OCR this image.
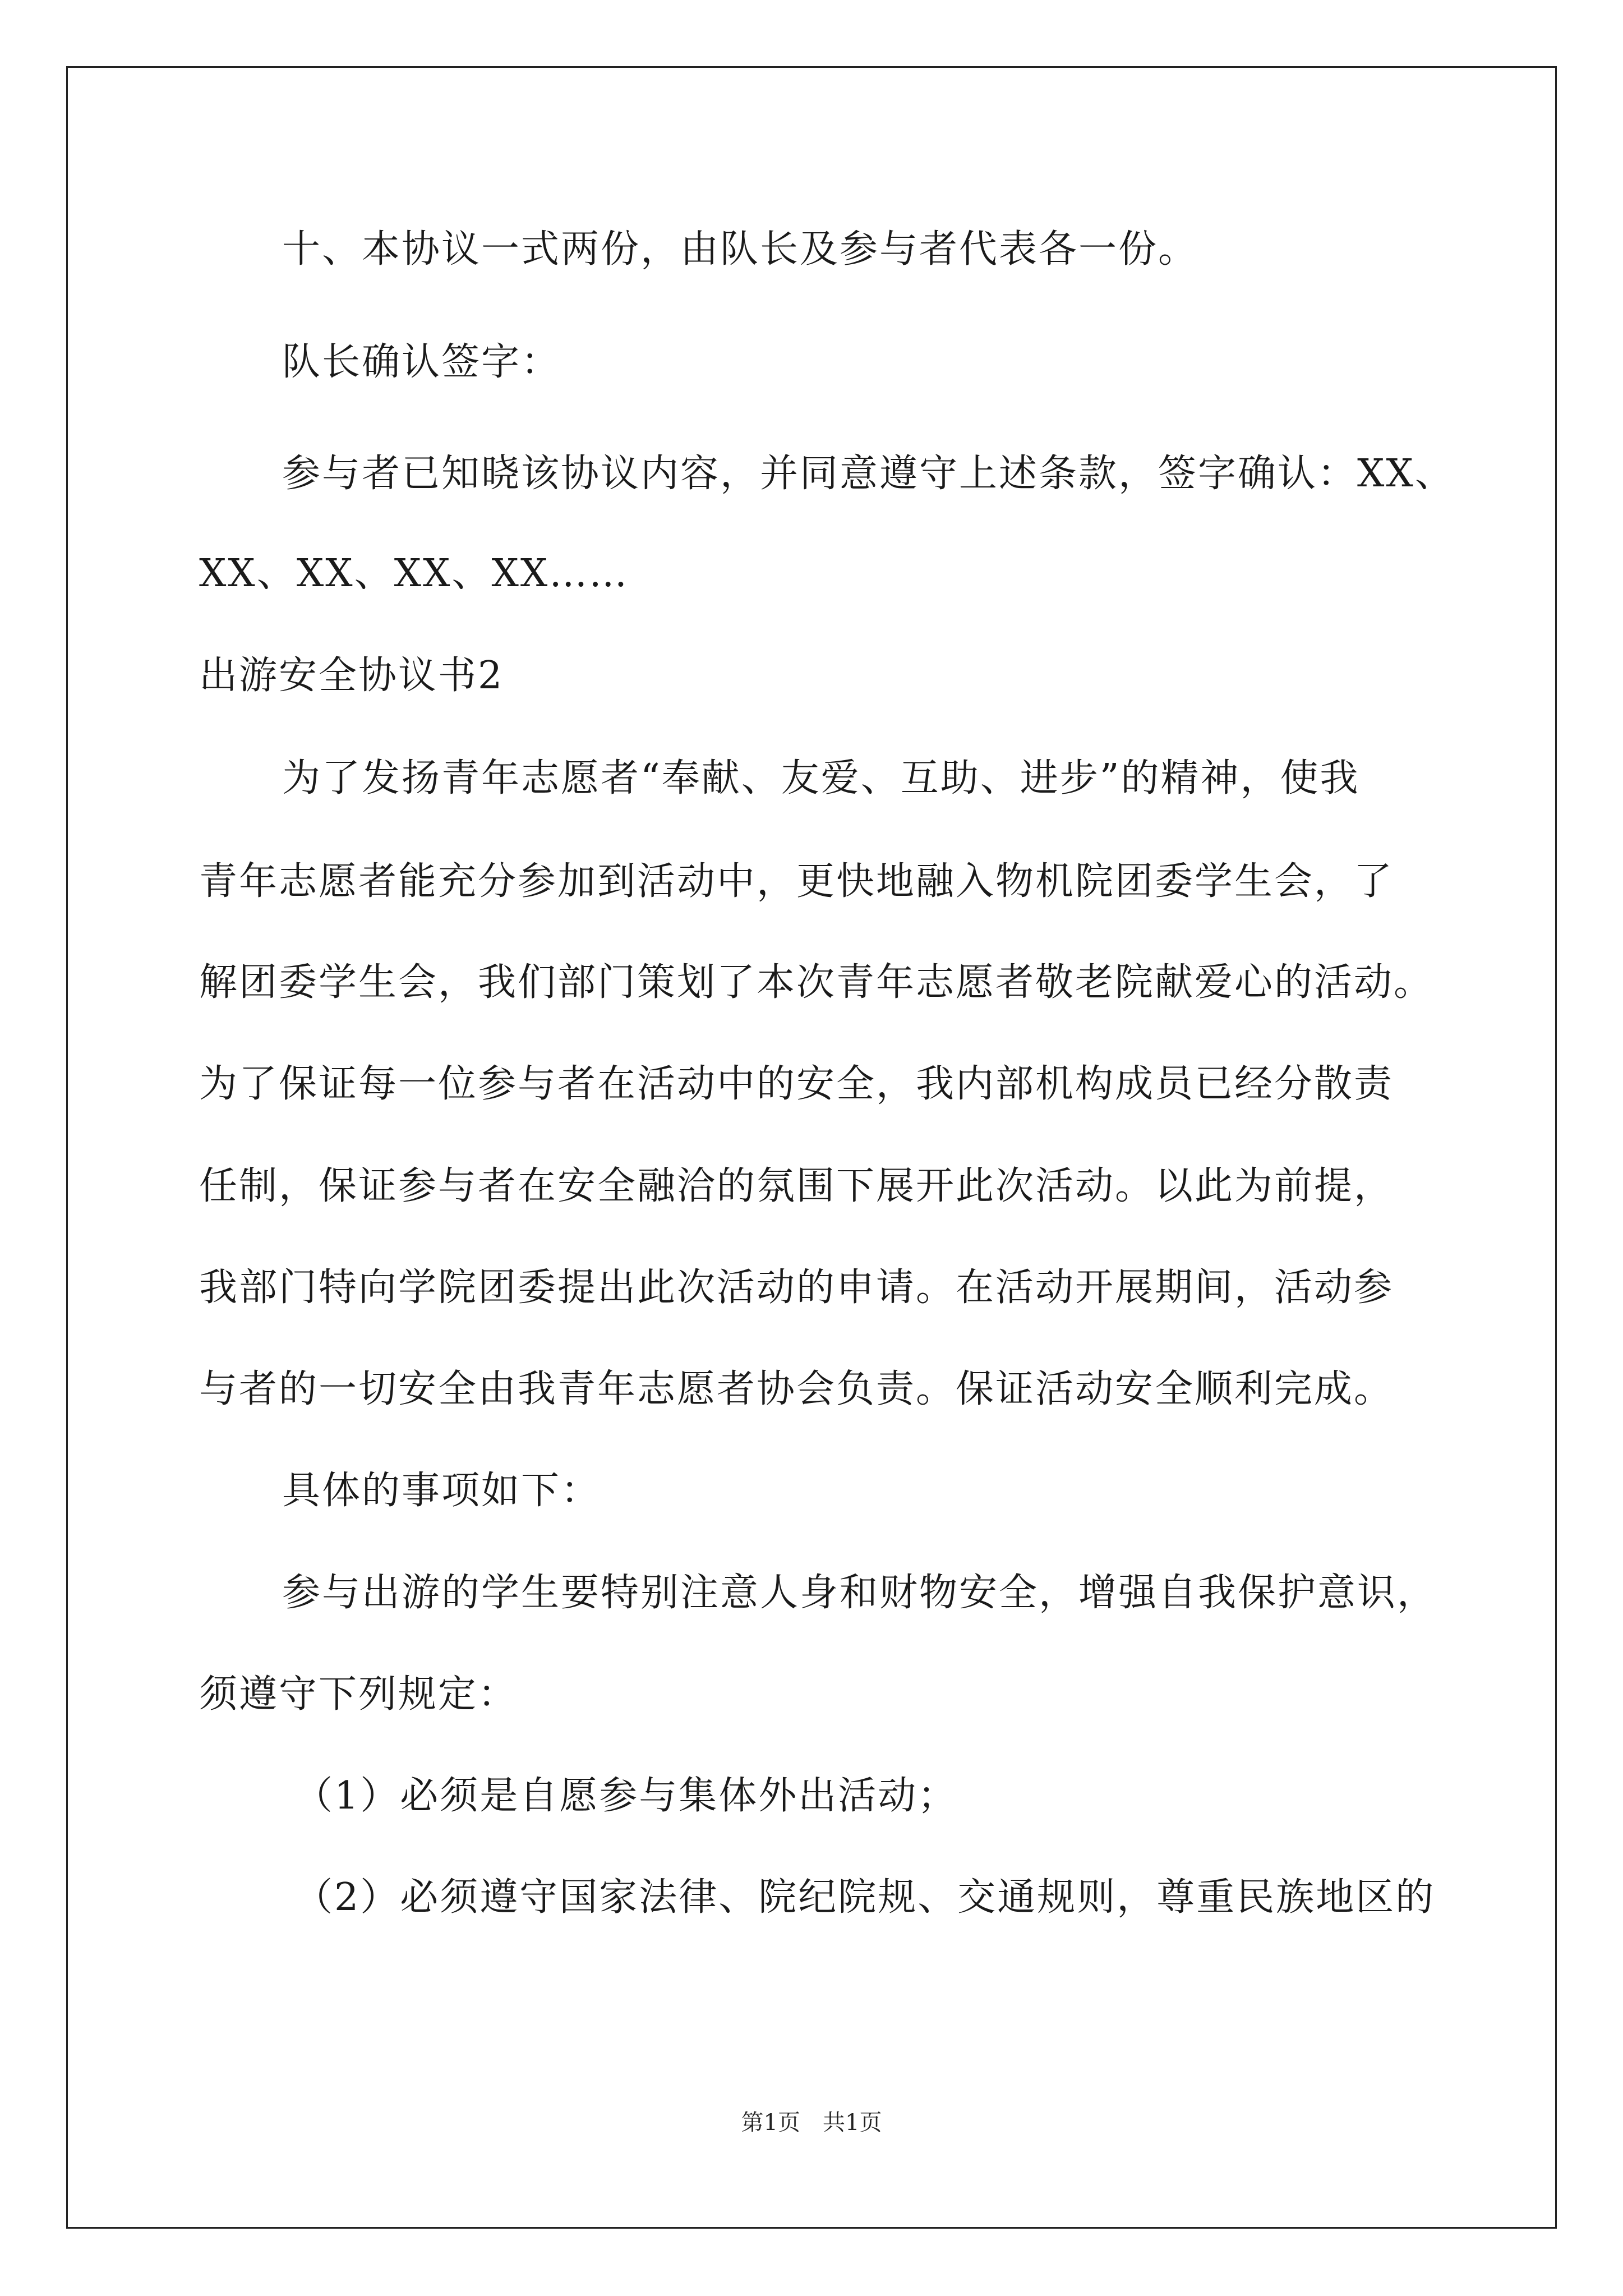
十、本协议一式两份，由队长及参与者代表各一份。
队长确认签字：
参与者已知晓该协议内容，并同意遵守上述条款，签字确认：XX、
XX、XX、XX、XX……
出游安全协议书2
为了发扬青年志愿者“奉献、友爱、互助、进步”的精神，使我
青年志愿者能充分参加到活动中，更快地融入物机院团委学生会，了
解团委学生会，我们部门策划了本次青年志愿者敬老院献爱心的活动。
为了保证每一位参与者在活动中的安全，我内部机构成员已经分散责
任制，保证参与者在安全融洽的氛围下展开此次活动。以此为前提，
我部门特向学院团委提出此次活动的申请。在活动开展期间，活动参
与者的一切安全由我青年志愿者协会负责。保证活动安全顺利完成。
具体的事项如下：
参与出游的学生要特别注意人身和财物安全，增强自我保护意识，
须遵守下列规定：
（1）必须是自愿参与集体外出活动；
（2）必须遵守国家法律、院纪院规、交通规则，尊重民族地区的
第1页　共1页
